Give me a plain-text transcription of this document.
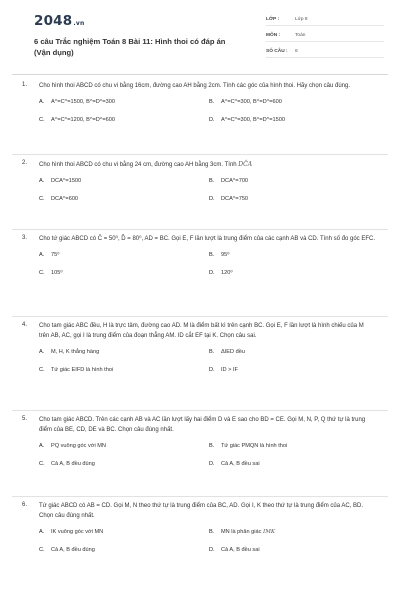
2048.vn
6 câu Trắc nghiệm Toán 8 Bài 11: Hình thoi có đáp án (Vận dụng)
LỚP :	Lớp 8
MÔN :	Toán
SỐ CÂU :	6
1.	Cho hình thoi ABCD có chu vi bằng 16cm, đường cao AH bằng 2cm. Tính các góc của hình thoi. Hãy chọn câu đúng.
A.	A^=C^=1500, B^=D^=300	B.	A^=C^=300, B^=D^=600
C.	A^=C^=1200, B^=D^=600	D.	A^=C^=300, B^=D^=1500
2.	Cho hình thoi ABCD có chu vi bằng 24 cm, đường cao AH bằng 3cm. Tính DĈA
A.	DCA^=1500	B.	DCA^=700
C.	DCA^=600	D.	DCA^=750
3.	Cho tứ giác ABCD có Ĉ = 50⁰, D̂ = 80⁰, AD = BC. Gọi E, F lần lượt là trung điểm của các cạnh AB và CD. Tính số đo góc EFC.
A.	75⁰	B.	95⁰
C.	105⁰	D.	120⁰
4.	Cho tam giác ABC đều, H là trực tâm, đường cao AD. M là điểm bất kì trên cạnh BC. Gọi E, F lần lượt là hình chiếu của M trên AB, AC, gọi I là trung điểm của đoạn thẳng AM. ID cắt EF tại K. Chọn câu sai.
A.	M, H, K thẳng hàng	B.	ΔIED đều
C.	Tứ giác EIFD là hình thoi	D.	ID > IF
5.	Cho tam giác ABCD. Trên các cạnh AB và AC lần lượt lấy hai điểm D và E sao cho BD = CE. Gọi M, N, P, Q thứ tự là trung điểm của BE, CD, DE và BC. Chọn câu đúng nhất.
A.	PQ vuông góc với MN	B.	Tứ giác PMQN là hình thoi
C.	Cả A, B đều đúng	D.	Cả A, B đều sai
6.	Tứ giác ABCD có AB = CD. Gọi M, N theo thứ tự là trung điểm của BC, AD. Gọi I, K theo thứ tự là trung điểm của AC, BD. Chọn câu đúng nhất.
A.	IK vuông góc với MN	B.	MN là phân giác IMK
C.	Cả A, B đều đúng	D.	Cả A, B đều sai
